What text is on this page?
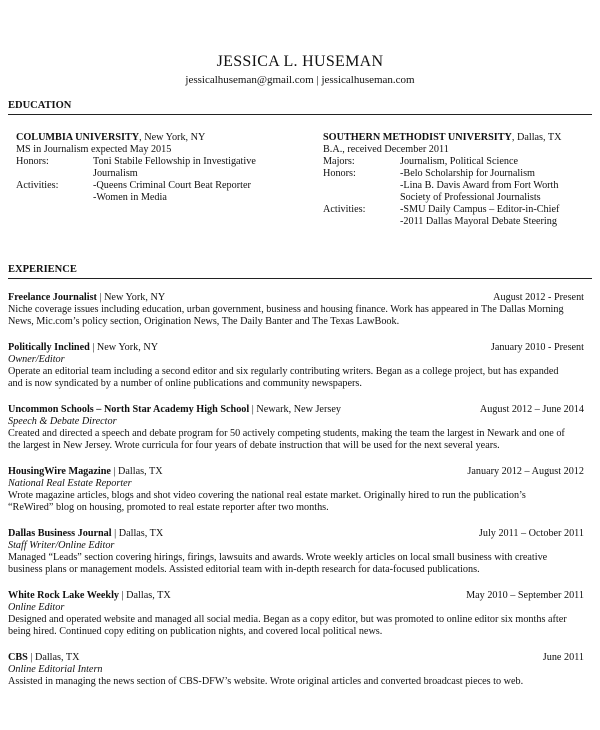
JESSICA L. HUSEMAN
jessicalhuseman@gmail.com | jessicalhuseman.com
EDUCATION
COLUMBIA UNIVERSITY, New York, NY
MS in Journalism expected May 2015
Honors:	Toni Stabile Fellowship in Investigative
Journalism
Activities:	-Queens Criminal Court Beat Reporter
-Women in Media
SOUTHERN METHODIST UNIVERSITY, Dallas, TX
B.A., received December 2011
Majors:	Journalism, Political Science
Honors:	-Belo Scholarship for Journalism
-Lina B. Davis Award from Fort Worth
Society of Professional Journalists
Activities:	-SMU Daily Campus – Editor-in-Chief
-2011 Dallas Mayoral Debate Steering
EXPERIENCE
Freelance Journalist | New York, NY	August 2012 - Present

Niche coverage issues including education, urban government, business and housing finance. Work has appeared in The Dallas Morning

News, Mic.com’s policy section, Origination News, The Daily Banter and The Texas LawBook.

Politically Inclined | New York, NY	January 2010 - Present
Owner/Editor

Operate an editorial team including a second editor and six regularly contributing writers. Began as a college project, but has expanded

and is now syndicated by a number of online publications and community newspapers.

Uncommon Schools – North Star Academy High School | Newark, New Jersey	August 2012 – June 2014
Speech & Debate Director

Created and directed a speech and debate program for 50 actively competing students, making the team the largest in Newark and one of

the largest in New Jersey. Wrote curricula for four years of debate instruction that will be used for the next several years.

HousingWire Magazine | Dallas, TX	January 2012 – August 2012
National Real Estate Reporter

Wrote magazine articles, blogs and shot video covering the national real estate market. Originally hired to run the publication’s

“ReWired” blog on housing, promoted to real estate reporter after two months.

Dallas Business Journal | Dallas, TX	July 2011 – October 2011
Staff Writer/Online Editor

Managed “Leads” section covering hirings, firings, lawsuits and awards. Wrote weekly articles on local small business with creative

business plans or management models. Assisted editorial team with in-depth research for data-focused publications.

White Rock Lake Weekly | Dallas, TX	May 2010 – September 2011
Online Editor

Designed and operated website and managed all social media. Began as a copy editor, but was promoted to online editor six months after

being hired. Continued copy editing on publication nights, and covered local political news.

CBS | Dallas, TX	June 2011
Online Editorial Intern

Assisted in managing the news section of CBS-DFW’s website. Wrote original articles and converted broadcast pieces to web.
